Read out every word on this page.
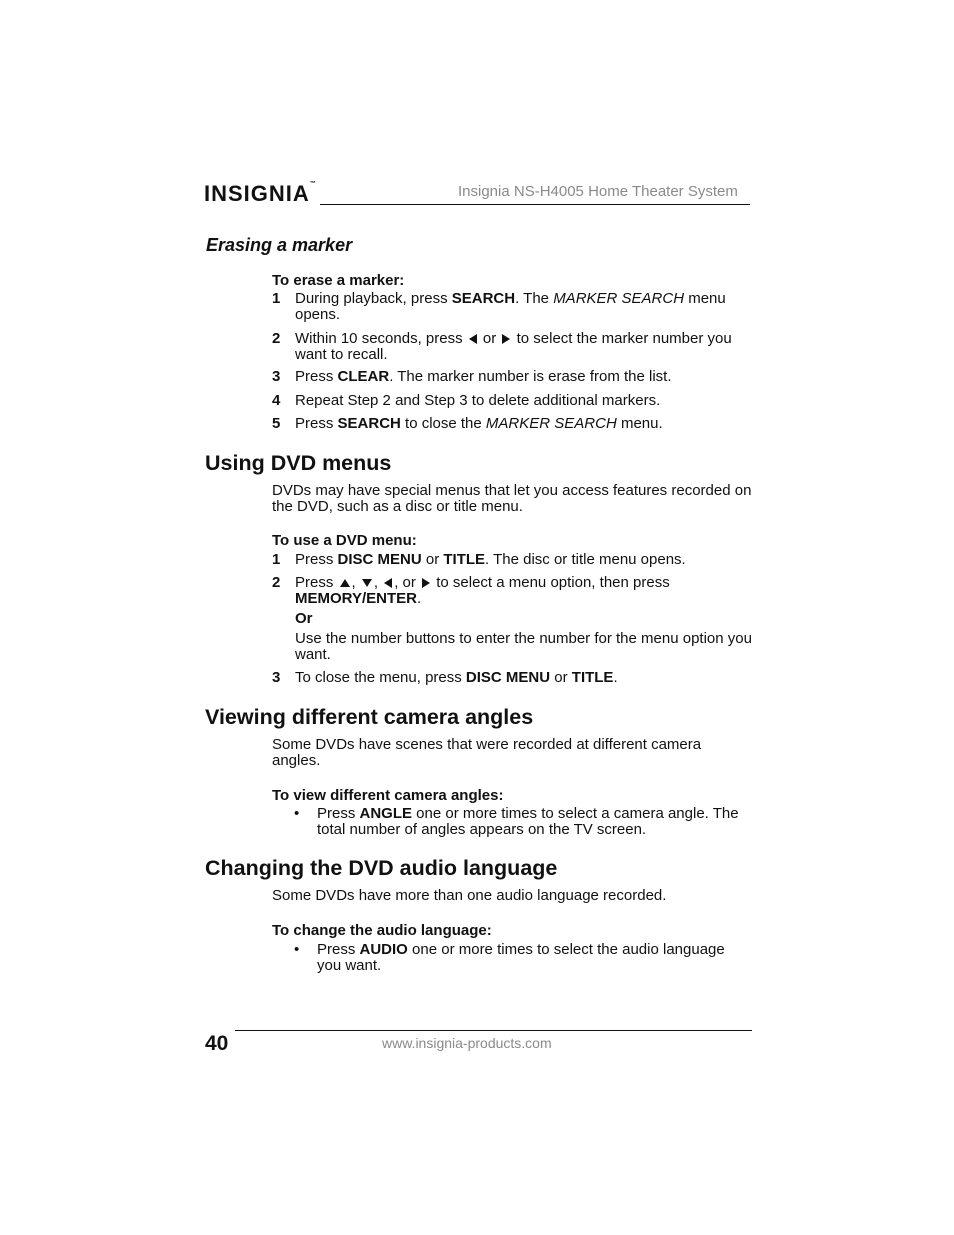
INSIGNIA™	Insignia NS-H4005 Home Theater System
Erasing a marker
To erase a marker:
1 During playback, press SEARCH. The MARKER SEARCH menu opens.
2 Within 10 seconds, press  or  to select the marker number you want to recall.
3 Press CLEAR. The marker number is erase from the list.
4 Repeat Step 2 and Step 3 to delete additional markers.
5 Press SEARCH to close the MARKER SEARCH menu.
Using DVD menus
DVDs may have special menus that let you access features recorded on the DVD, such as a disc or title menu.
To use a DVD menu:
1 Press DISC MENU or TITLE. The disc or title menu opens.
2 Press , , , or  to select a menu option, then press MEMORY/ENTER.
Or
Use the number buttons to enter the number for the menu option you want.
3 To close the menu, press DISC MENU or TITLE.
Viewing different camera angles
Some DVDs have scenes that were recorded at different camera angles.
To view different camera angles:
•	Press ANGLE one or more times to select a camera angle. The total number of angles appears on the TV screen.
Changing the DVD audio language
Some DVDs have more than one audio language recorded.
To change the audio language:
•	Press AUDIO one or more times to select the audio language you want.
40	www.insignia-products.com
